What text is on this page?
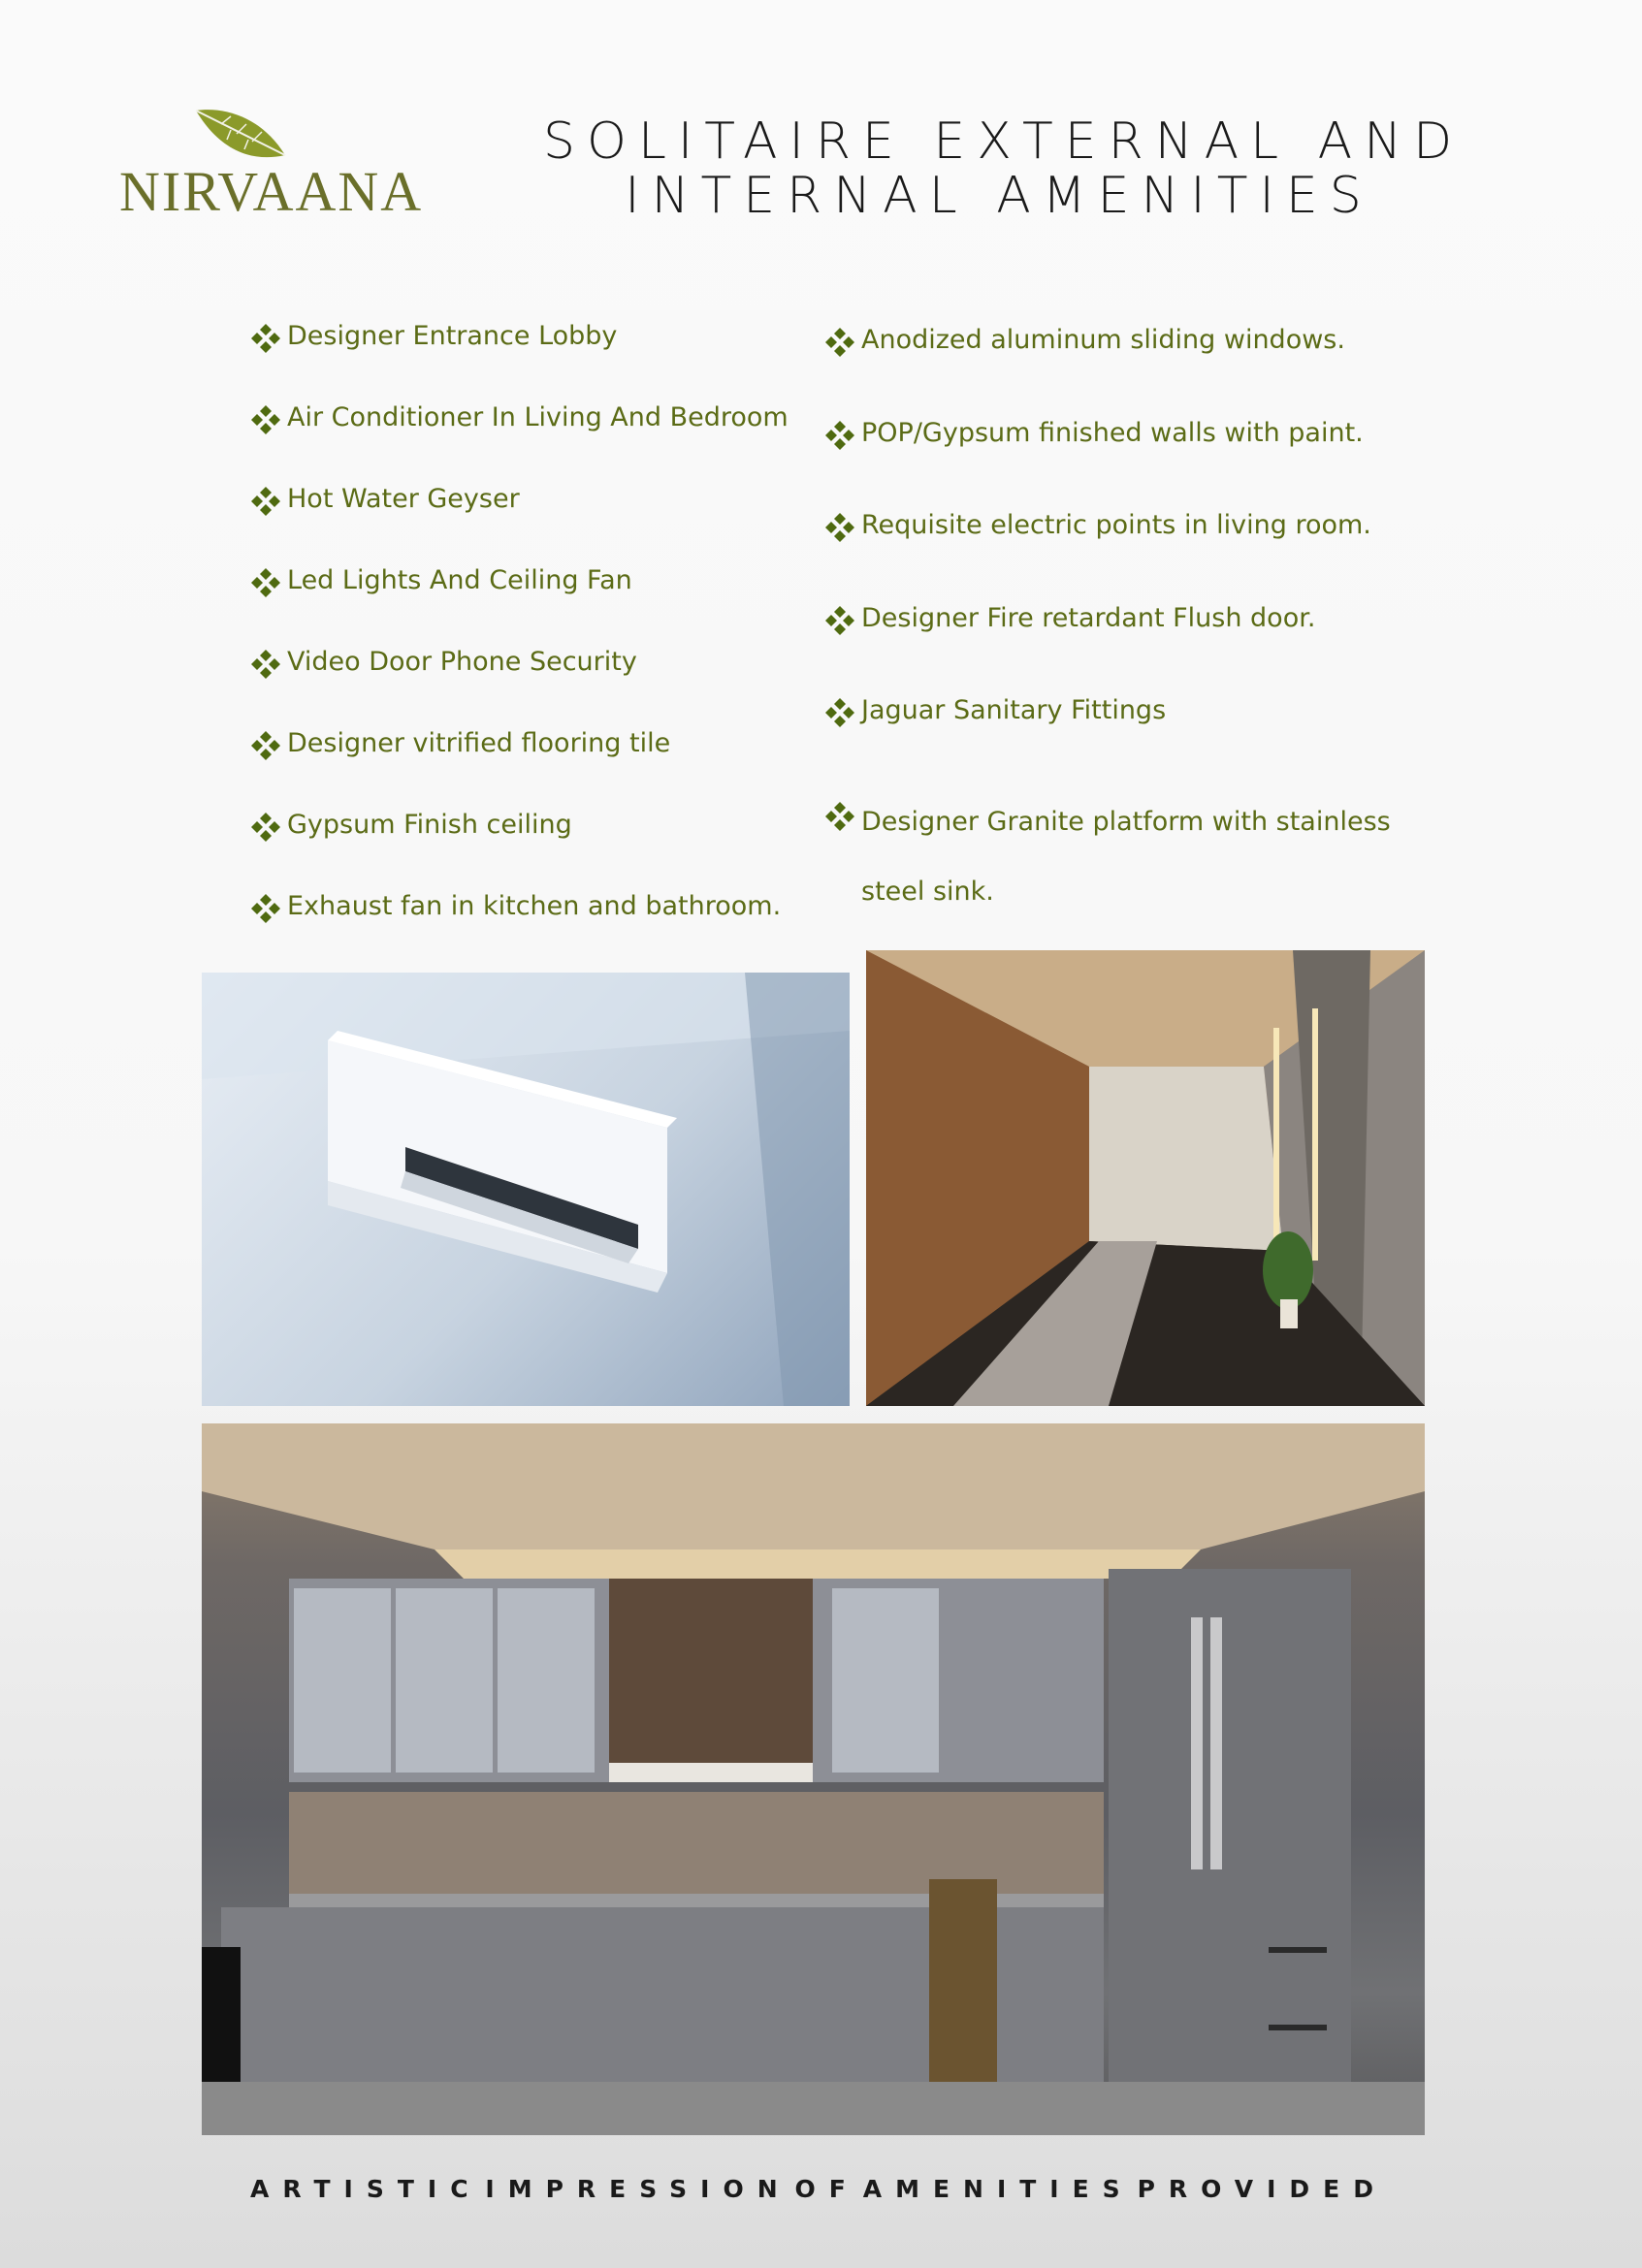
NIRVAANA
SOLITAIRE EXTERNAL AND
INTERNAL AMENITIES
Designer Entrance Lobby
Air Conditioner In Living And Bedroom
Hot Water Geyser
Led Lights And Ceiling Fan
Video Door Phone Security
Designer vitrified flooring tile
Gypsum Finish ceiling
Exhaust fan in kitchen and bathroom.
Anodized aluminum sliding windows.
POP/Gypsum finished walls with paint.
Requisite electric points in living room.
Designer Fire retardant Flush door.
Jaguar Sanitary Fittings
Designer Granite platform with stainless steel sink.
ARTISTIC IMPRESSION OF AMENITIES PROVIDED
